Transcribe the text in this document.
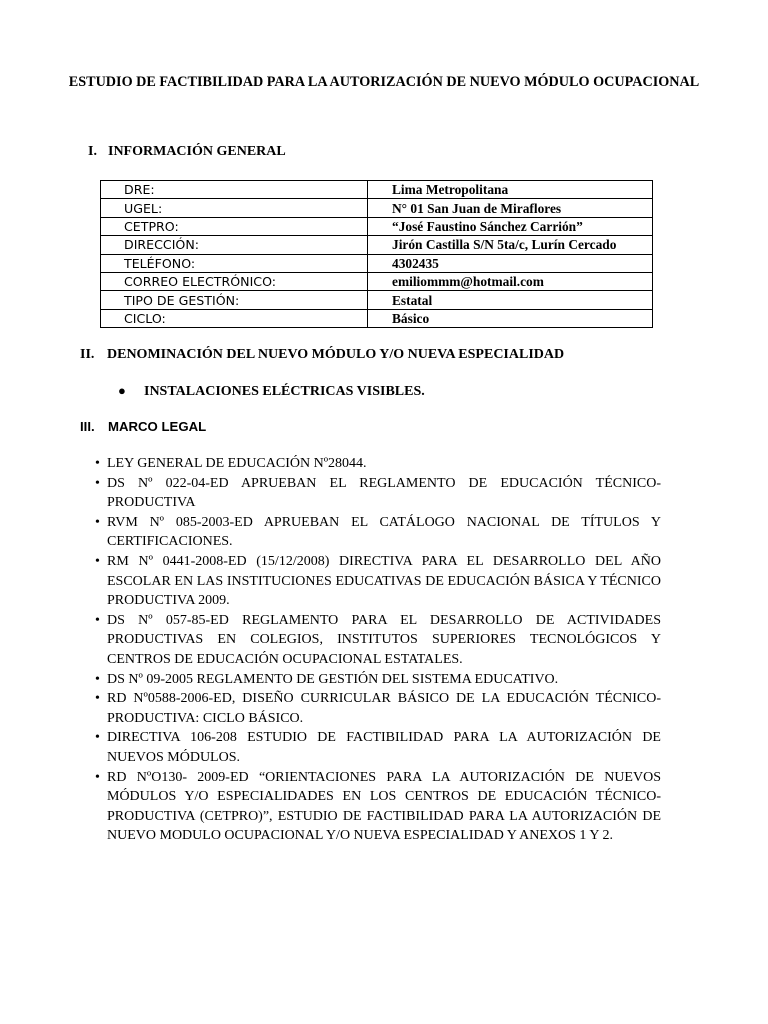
ESTUDIO DE FACTIBILIDAD PARA LA AUTORIZACIÓN DE NUEVO MÓDULO OCUPACIONAL
I. INFORMACIÓN GENERAL
DRE:	Lima Metropolitana
UGEL:	N° 01 San Juan de Miraflores
CETPRO:	“José Faustino Sánchez Carrión”
DIRECCIÓN:	Jirón Castilla S/N 5ta/c, Lurín Cercado
TELÉFONO:	4302435
CORREO ELECTRÓNICO:	emiliommm@hotmail.com
TIPO DE GESTIÓN:	Estatal
CICLO:	Básico
II. DENOMINACIÓN DEL NUEVO MÓDULO Y/O NUEVA ESPECIALIDAD
● INSTALACIONES ELÉCTRICAS VISIBLES.
III. MARCO LEGAL
• LEY GENERAL DE EDUCACIÓN Nº28044.
• DS Nº 022-04-ED APRUEBAN EL REGLAMENTO DE EDUCACIÓN TÉCNICO-PRODUCTIVA
• RVM Nº 085-2003-ED APRUEBAN EL CATÁLOGO NACIONAL DE TÍTULOS Y CERTIFICACIONES.
• RM Nº 0441-2008-ED (15/12/2008) DIRECTIVA PARA EL DESARROLLO DEL AÑO ESCOLAR EN LAS INSTITUCIONES EDUCATIVAS DE EDUCACIÓN BÁSICA Y TÉCNICO PRODUCTIVA 2009.
• DS Nº 057-85-ED REGLAMENTO PARA EL DESARROLLO DE ACTIVIDADES PRODUCTIVAS EN COLEGIOS, INSTITUTOS SUPERIORES TECNOLÓGICOS Y CENTROS DE EDUCACIÓN OCUPACIONAL ESTATALES.
• DS Nº 09-2005 REGLAMENTO DE GESTIÓN DEL SISTEMA EDUCATIVO.
• RD Nº0588-2006-ED, DISEÑO CURRICULAR BÁSICO DE LA EDUCACIÓN TÉCNICO-PRODUCTIVA: CICLO BÁSICO.
• DIRECTIVA 106-208 ESTUDIO DE FACTIBILIDAD PARA LA AUTORIZACIÓN DE NUEVOS MÓDULOS.
• RD NºO130- 2009-ED “ORIENTACIONES PARA LA AUTORIZACIÓN DE NUEVOS MÓDULOS Y/O ESPECIALIDADES EN LOS CENTROS DE EDUCACIÓN TÉCNICO-PRODUCTIVA (CETPRO)”, ESTUDIO DE FACTIBILIDAD PARA LA AUTORIZACIÓN DE NUEVO MODULO OCUPACIONAL Y/O NUEVA ESPECIALIDAD Y ANEXOS 1 Y 2.
